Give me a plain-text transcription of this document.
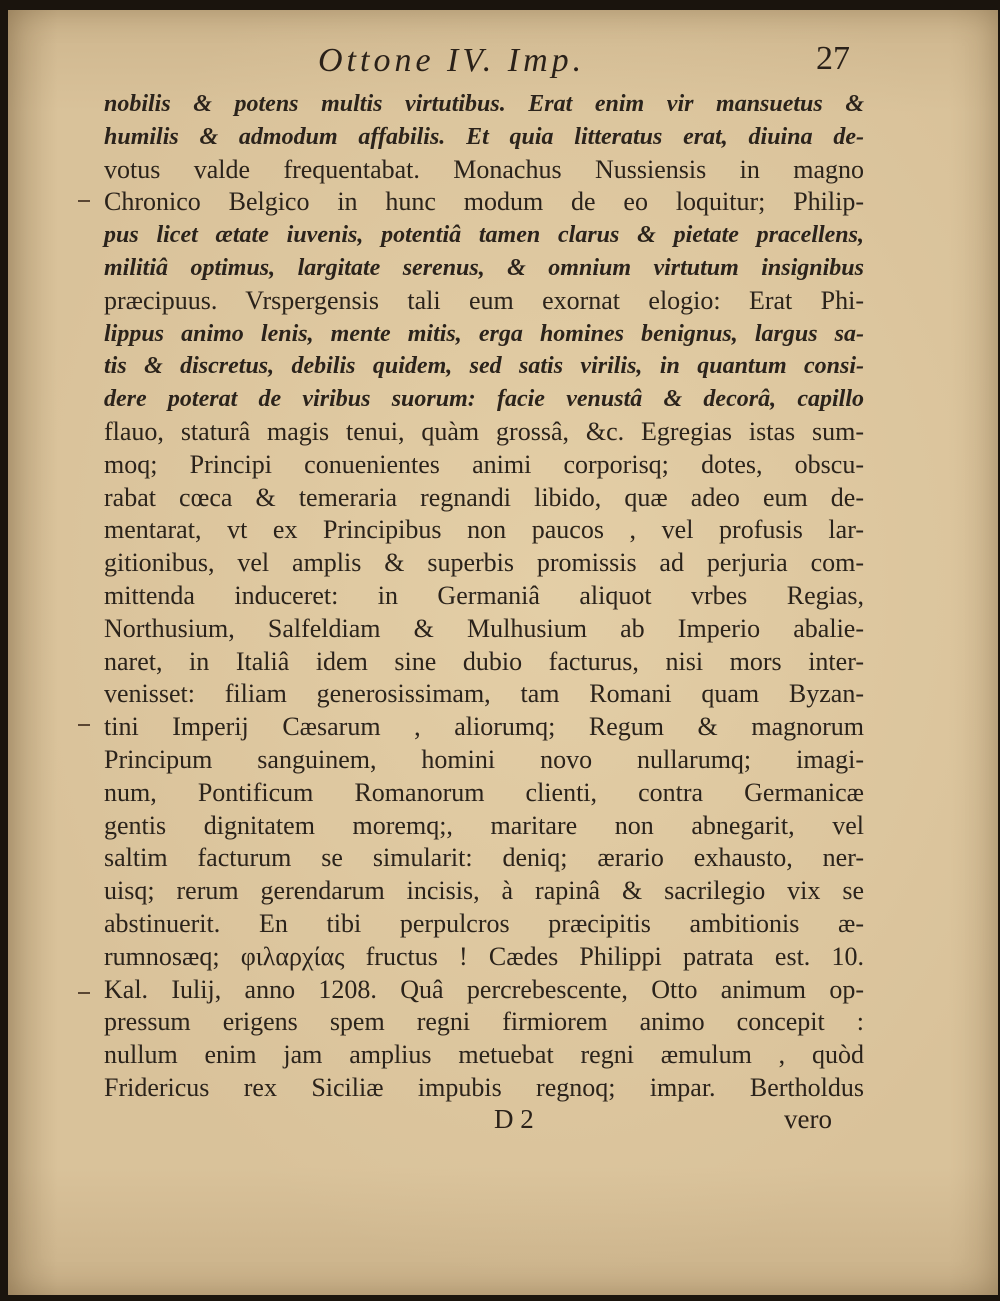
Ottone IV. Imp.	27
nobilis & potens multis virtutibus. Erat enim vir mansuetus &
humilis & admodum affabilis. Et quia litteratus erat, diuina de-
votus valde frequentabat. Monachus Nussiensis in magno
Chronico Belgico in hunc modum de eo loquitur; Philip-
pus licet ætate iuvenis, potentiâ tamen clarus & pietate pracellens,
militiâ optimus, largitate serenus, & omnium virtutum insignibus
præcipuus. Vrspergensis tali eum exornat elogio: Erat Phi-
lippus animo lenis, mente mitis, erga homines benignus, largus sa-
tis & discretus, debilis quidem, sed satis virilis, in quantum consi-
dere poterat de viribus suorum: facie venustâ & decorâ, capillo
flauo, staturâ magis tenui, quàm grossâ, &c. Egregias istas sum-
moq; Principi conuenientes animi corporisq; dotes, obscu-
rabat cœca & temeraria regnandi libido, quæ adeo eum de-
mentarat, vt ex Principibus non paucos , vel profusis lar-
gitionibus, vel amplis & superbis promissis ad perjuria com-
mittenda induceret: in Germaniâ aliquot vrbes Regias,
Northusium, Salfeldiam & Mulhusium ab Imperio abalie-
naret, in Italiâ idem sine dubio facturus, nisi mors inter-
venisset: filiam generosissimam, tam Romani quam Byzan-
tini Imperij Cæsarum , aliorumq; Regum & magnorum
Principum sanguinem, homini novo nullarumq; imagi-
num, Pontificum Romanorum clienti, contra Germanicæ
gentis dignitatem moremq;, maritare non abnegarit, vel
saltim facturum se simularit: deniq; ærario exhausto, ner-
uisq; rerum gerendarum incisis, à rapinâ & sacrilegio vix se
abstinuerit. En tibi perpulcros præcipitis ambitionis æ-
rumnosæq; φιλαρχίας fructus ! Cædes Philippi patrata est. 10.
Kal. Iulij, anno 1208. Quâ percrebescente, Otto animum op-
pressum erigens spem regni firmiorem animo concepit :
nullum enim jam amplius metuebat regni æmulum , quòd
Fridericus rex Siciliæ impubis regnoq; impar. Bertholdus
D 2	vero
